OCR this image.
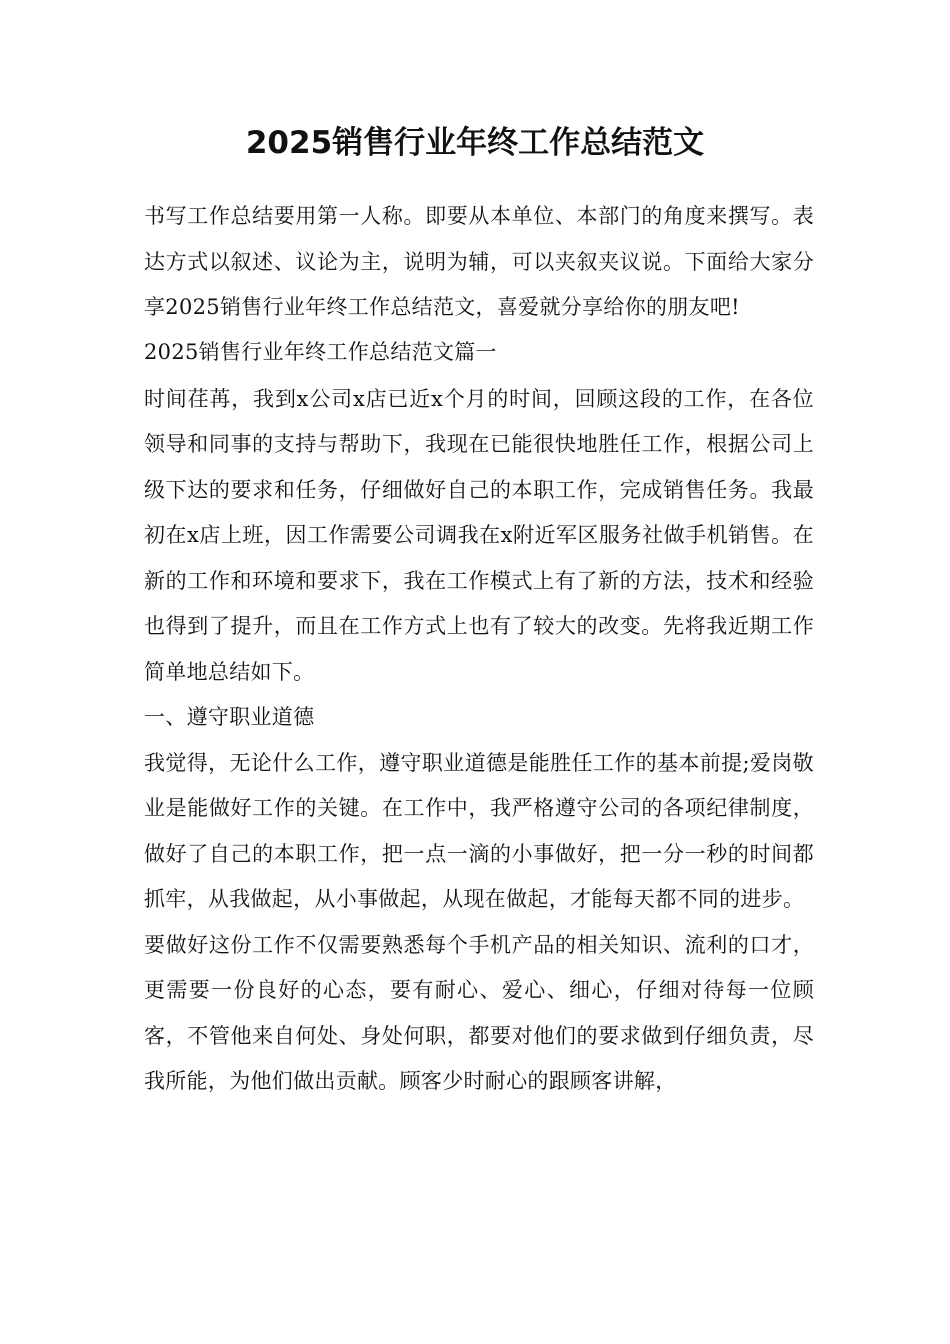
2025销售行业年终工作总结范文

书写工作总结要用第一人称。即要从本单位、本部门的角度来撰写。表达方式以叙述、议论为主，说明为辅，可以夹叙夹议说。下面给大家分享2025销售行业年终工作总结范文，喜爱就分享给你的朋友吧!

2025销售行业年终工作总结范文篇一

时间荏苒，我到x公司x店已近x个月的时间，回顾这段的工作，在各位领导和同事的支持与帮助下，我现在已能很快地胜任工作，根据公司上级下达的要求和任务，仔细做好自己的本职工作，完成销售任务。我最初在x店上班，因工作需要公司调我在x附近军区服务社做手机销售。在新的工作和环境和要求下，我在工作模式上有了新的方法，技术和经验也得到了提升，而且在工作方式上也有了较大的改变。先将我近期工作简单地总结如下。

一、遵守职业道德

我觉得，无论什么工作，遵守职业道德是能胜任工作的基本前提;爱岗敬业是能做好工作的关键。在工作中，我严格遵守公司的各项纪律制度，做好了自己的本职工作，把一点一滴的小事做好，把一分一秒的时间都抓牢，从我做起，从小事做起，从现在做起，才能每天都不同的进步。

要做好这份工作不仅需要熟悉每个手机产品的相关知识、流利的口才，更需要一份良好的心态，要有耐心、爱心、细心，仔细对待每一位顾客，不管他来自何处、身处何职，都要对他们的要求做到仔细负责，尽我所能，为他们做出贡献。顾客少时耐心的跟顾客讲解，
